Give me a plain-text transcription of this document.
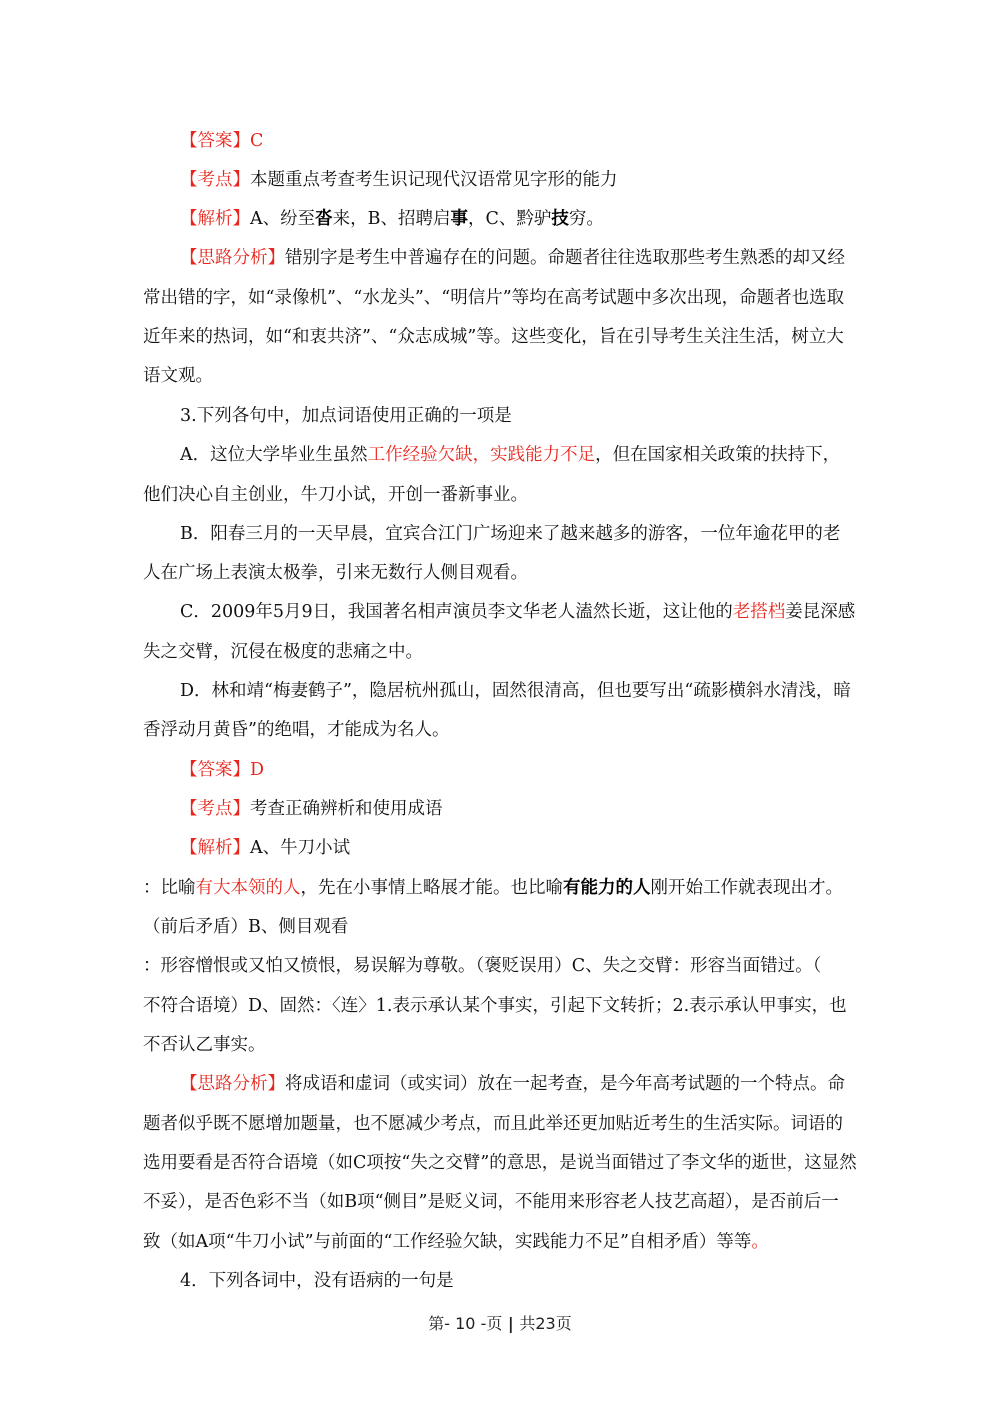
【答案】C
【考点】本题重点考查考生识记现代汉语常见字形的能力
【解析】A、纷至沓来，B、招聘启事，C、黔驴技穷。
【思路分析】错别字是考生中普遍存在的问题。命题者往往选取那些考生熟悉的却又经
常出错的字，如“录像机”、“水龙头”、“明信片”等均在高考试题中多次出现，命题者也选取
近年来的热词，如“和衷共济”、“众志成城”等。这些变化，旨在引导考生关注生活，树立大
语文观。
3.下列各句中，加点词语使用正确的一项是
A．这位大学毕业生虽然工作经验欠缺，实践能力不足，但在国家相关政策的扶持下，
他们决心自主创业，牛刀小试，开创一番新事业。
B．阳春三月的一天早晨，宜宾合江门广场迎来了越来越多的游客，一位年逾花甲的老
人在广场上表演太极拳，引来无数行人侧目观看。
C．2009年5月9日，我国著名相声演员李文华老人溘然长逝，这让他的老搭档姜昆深感
失之交臂，沉侵在极度的悲痛之中。
D．林和靖“梅妻鹤子”，隐居杭州孤山，固然很清高，但也要写出“疏影横斜水清浅，暗
香浮动月黄昏”的绝唱，才能成为名人。
【答案】D
【考点】考查正确辨析和使用成语
【解析】A、牛刀小试
：比喻有大本领的人，先在小事情上略展才能。也比喻有能力的人刚开始工作就表现出才。
（前后矛盾）B、侧目观看
：形容憎恨或又怕又愤恨，易误解为尊敬。（褒贬误用）C、失之交臂：形容当面错过。（
不符合语境）D、固然：〈连〉1.表示承认某个事实，引起下文转折；2.表示承认甲事实，也
不否认乙事实。
【思路分析】将成语和虚词（或实词）放在一起考查，是今年高考试题的一个特点。命
题者似乎既不愿增加题量，也不愿减少考点，而且此举还更加贴近考生的生活实际。词语的
选用要看是否符合语境（如C项按“失之交臂”的意思，是说当面错过了李文华的逝世，这显然
不妥），是否色彩不当（如B项“侧目”是贬义词，不能用来形容老人技艺高超），是否前后一
致（如A项“牛刀小试”与前面的“工作经验欠缺，实践能力不足”自相矛盾）等等。
4．下列各词中，没有语病的一句是
第- 10 -页 | 共23页
